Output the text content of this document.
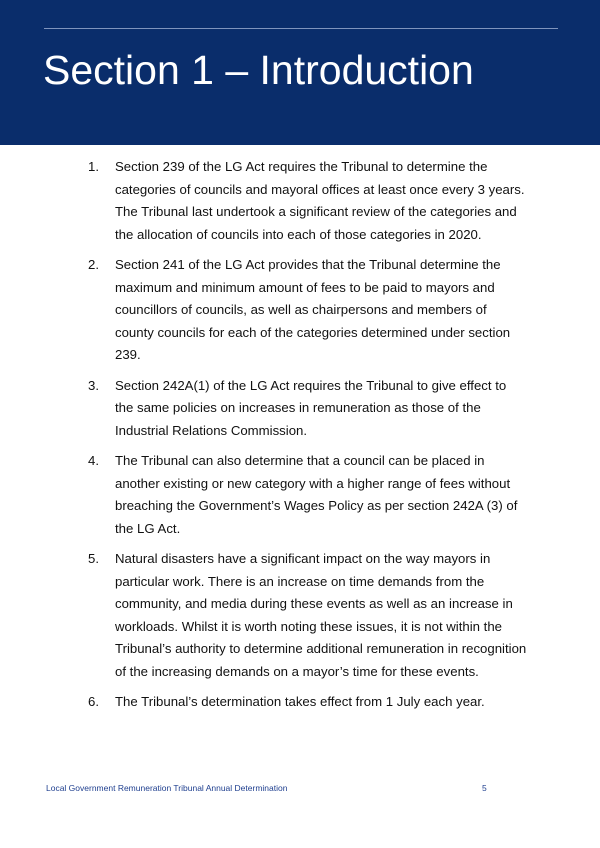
Section 1 – Introduction
1.	Section 239 of the LG Act requires the Tribunal to determine the categories of councils and mayoral offices at least once every 3 years. The Tribunal last undertook a significant review of the categories and the allocation of councils into each of those categories in 2020.
2.	Section 241 of the LG Act provides that the Tribunal determine the maximum and minimum amount of fees to be paid to mayors and councillors of councils, as well as chairpersons and members of county councils for each of the categories determined under section 239.
3.	Section 242A(1) of the LG Act requires the Tribunal to give effect to the same policies on increases in remuneration as those of the Industrial Relations Commission.
4.	The Tribunal can also determine that a council can be placed in another existing or new category with a higher range of fees without breaching the Government’s Wages Policy as per section 242A (3) of the LG Act.
5.	Natural disasters have a significant impact on the way mayors in particular work. There is an increase on time demands from the community, and media during these events as well as an increase in workloads. Whilst it is worth noting these issues, it is not within the Tribunal’s authority to determine additional remuneration in recognition of the increasing demands on a mayor’s time for these events.
6.	The Tribunal’s determination takes effect from 1 July each year.
Local Government Remuneration Tribunal Annual Determination	5
